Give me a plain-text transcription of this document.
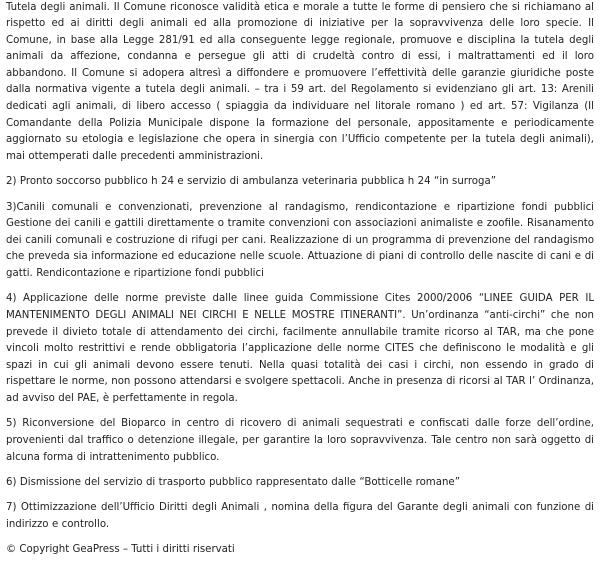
Tutela degli animali. Il Comune riconosce validità etica e morale a tutte le forme di pensiero che si richiamano al rispetto ed ai diritti degli animali ed alla promozione di iniziative per la sopravvivenza delle loro specie. Il Comune, in base alla Legge 281/91 ed alla conseguente legge regionale, promuove e disciplina la tutela degli animali da affezione, condanna e persegue gli atti di crudeltà contro di essi, i maltrattamenti ed il loro abbandono. Il Comune si adopera altresì a diffondere e promuovere l’effettività delle garanzie giuridiche poste dalla normativa vigente a tutela degli animali. – tra i 59 art. del Regolamento si evidenziano gli art. 13: Arenili dedicati agli animali, di libero accesso ( spiaggia da individuare nel litorale romano ) ed art. 57: Vigilanza (Il Comandante della Polizia Municipale dispone la formazione del personale, appositamente e periodicamente aggiornato su etologia e legislazione che opera in sinergia con l’Ufficio competente per la tutela degli animali), mai ottemperati dalle precedenti amministrazioni.

2) Pronto soccorso pubblico h 24 e servizio di ambulanza veterinaria pubblica h 24 “in surroga”

3)Canili comunali e convenzionati, prevenzione al randagismo, rendicontazione e ripartizione fondi pubblici Gestione dei canili e gattili direttamente o tramite convenzioni con associazioni animaliste e zoofile. Risanamento dei canili comunali e costruzione di rifugi per cani. Realizzazione di un programma di prevenzione del randagismo che preveda sia informazione ed educazione nelle scuole. Attuazione di piani di controllo delle nascite di cani e di gatti. Rendicontazione e ripartizione fondi pubblici

4) Applicazione delle norme previste dalle linee guida Commissione Cites 2000/2006 “LINEE GUIDA PER IL MANTENIMENTO DEGLI ANIMALI NEI CIRCHI E NELLE MOSTRE ITINERANTI”. Un’ordinanza “anti-circhi” che non prevede il divieto totale di attendamento dei circhi, facilmente annullabile tramite ricorso al TAR, ma che pone vincoli molto restrittivi e rende obbligatoria l’applicazione delle norme CITES che definiscono le modalità e gli spazi in cui gli animali devono essere tenuti. Nella quasi totalità dei casi i circhi, non essendo in grado di rispettare le norme, non possono attendarsi e svolgere spettacoli. Anche in presenza di ricorsi al TAR l’ Ordinanza, ad avviso del PAE, è perfettamente in regola.

5) Riconversione del Bioparco in centro di ricovero di animali sequestrati e confiscati dalle forze dell’ordine, provenienti dal traffico o detenzione illegale, per garantire la loro sopravvivenza. Tale centro non sarà oggetto di alcuna forma di intrattenimento pubblico.

6) Dismissione del servizio di trasporto pubblico rappresentato dalle “Botticelle romane”

7) Ottimizzazione dell’Ufficio Diritti degli Animali , nomina della figura del Garante degli animali con funzione di indirizzo e controllo.

© Copyright GeaPress – Tutti i diritti riservati
